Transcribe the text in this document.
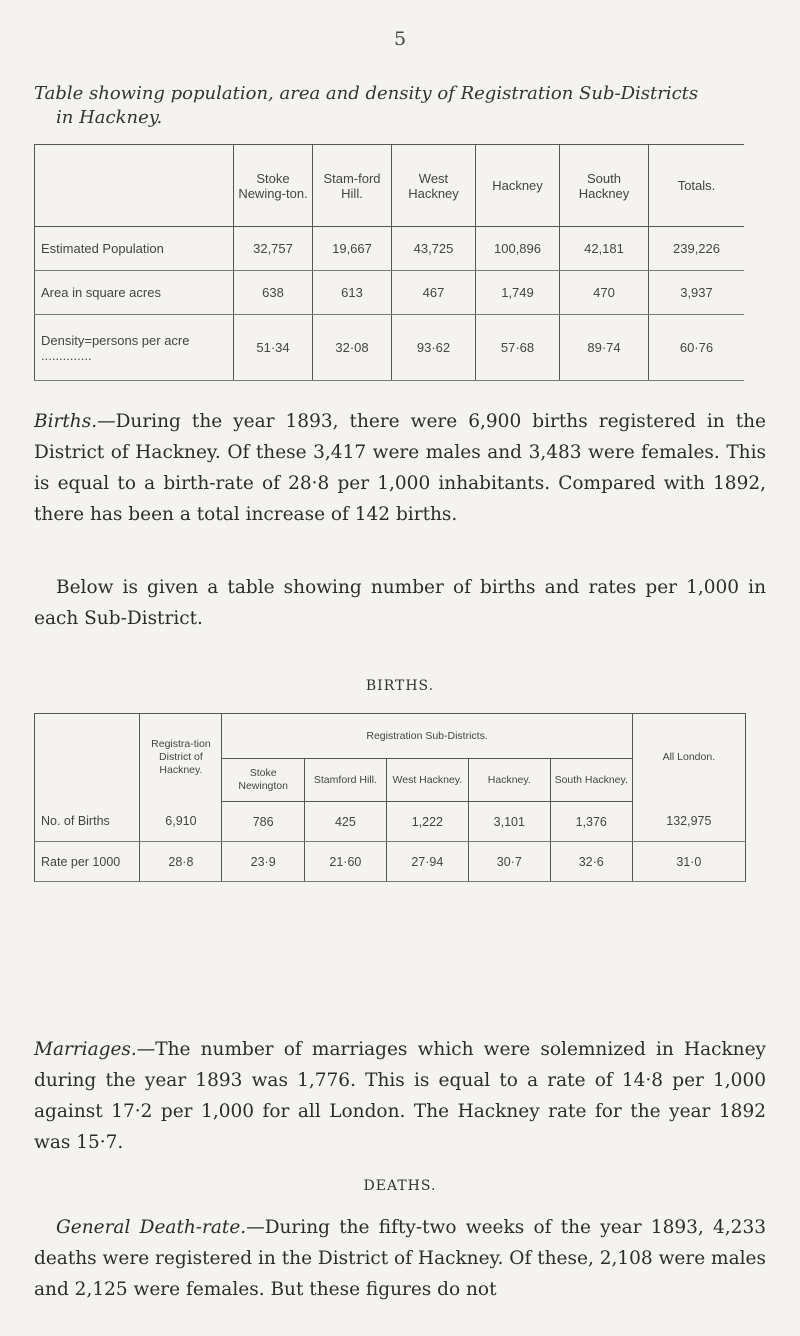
5
Table showing population, area and density of Registration Sub-Districts
in Hackney.
	Stoke Newing-ton.	Stam-ford Hill.	West Hackney	Hackney	South Hackney	Totals.
Estimated Population	32,757	19,667	43,725	100,896	42,181	239,226
Area in square acres	638	613	467	1,749	470	3,937
Density=persons per acre ..............	51·34	32·08	93·62	57·68	89·74	60·76

Births.—During the year 1893, there were 6,900 births registered in the District of Hackney. Of these 3,417 were males and 3,483 were females. This is equal to a birth-rate of 28·8 per 1,000 inhabitants. Compared with 1892, there has been a total increase of 142 births.

Below is given a table showing number of births and rates per 1,000 in each Sub-District.

BIRTHS.
	Registra-tion District of Hackney.	Registration Sub-Districts.					All London.
		Stoke Newington	Stamford Hill.	West Hackney.	Hackney.	South Hackney.	
No. of Births	6,910	786	425	1,222	3,101	1,376	132,975
Rate per 1000	28·8	23·9	21·60	27·94	30·7	32·6	31·0

Marriages.—The number of marriages which were solemnized in Hackney during the year 1893 was 1,776. This is equal to a rate of 14·8 per 1,000 against 17·2 per 1,000 for all London. The Hackney rate for the year 1892 was 15·7.

DEATHS.

General Death-rate.—During the fifty-two weeks of the year 1893, 4,233 deaths were registered in the District of Hackney. Of these, 2,108 were males and 2,125 were females. But these figures do not
